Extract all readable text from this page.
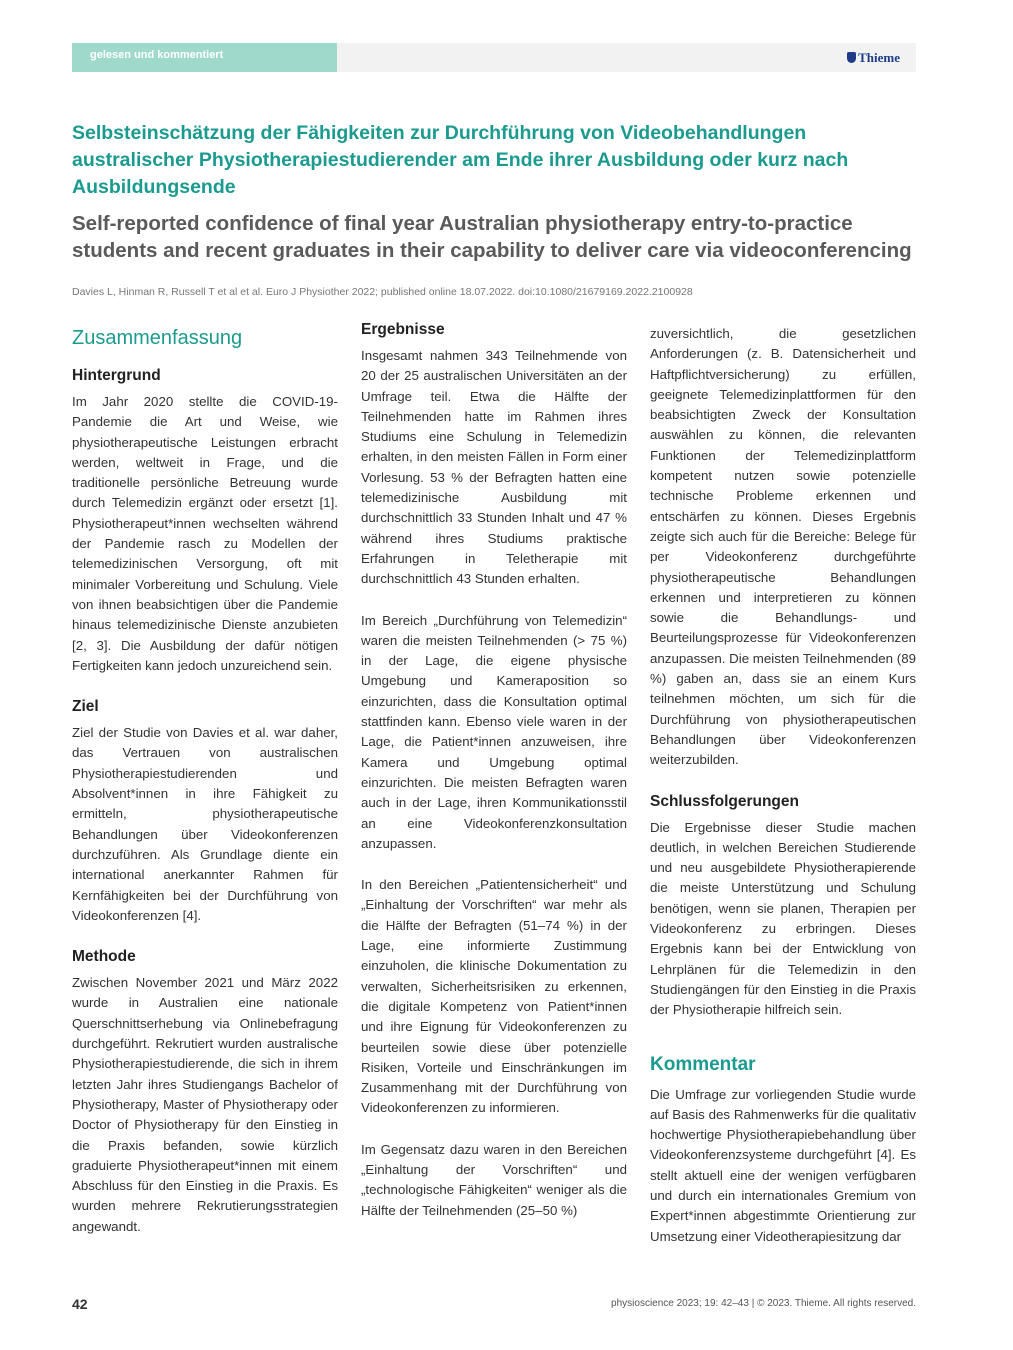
gelesen und kommentiert	Thieme
Selbsteinschätzung der Fähigkeiten zur Durchführung von Videobehandlungen australischer Physiotherapiestudierender am Ende ihrer Ausbildung oder kurz nach Ausbildungsende
Self-reported confidence of final year Australian physiotherapy entry-to-practice students and recent graduates in their capability to deliver care via videoconferencing
Davies L, Hinman R, Russell T et al et al. Euro J Physiother 2022; published online 18.07.2022. doi:10.1080/21679169.2022.2100928
Zusammenfassung
Hintergrund

Im Jahr 2020 stellte die COVID-19-Pandemie die Art und Weise, wie physiotherapeutische Leistungen erbracht werden, weltweit in Frage, und die traditionelle persönliche Betreuung wurde durch Telemedizin ergänzt oder ersetzt [1]. Physiotherapeut*innen wechselten während der Pandemie rasch zu Modellen der telemedizinischen Versorgung, oft mit minimaler Vorbereitung und Schulung. Viele von ihnen beabsichtigen über die Pandemie hinaus telemedizinische Dienste anzubieten [2, 3]. Die Ausbildung der dafür nötigen Fertigkeiten kann jedoch unzureichend sein.

Ziel

Ziel der Studie von Davies et al. war daher, das Vertrauen von australischen Physiotherapiestudierenden und Absolvent*innen in ihre Fähigkeit zu ermitteln, physiotherapeutische Behandlungen über Videokonferenzen durchzuführen. Als Grundlage diente ein international anerkannter Rahmen für Kernfähigkeiten bei der Durchführung von Videokonferenzen [4].

Methode

Zwischen November 2021 und März 2022 wurde in Australien eine nationale Querschnittserhebung via Onlinebefragung durchgeführt. Rekrutiert wurden australische Physiotherapiestudierende, die sich in ihrem letzten Jahr ihres Studiengangs Bachelor of Physiotherapy, Master of Physiotherapy oder Doctor of Physiotherapy für den Einstieg in die Praxis befanden, sowie kürzlich graduierte Physiotherapeut*innen mit einem Abschluss für den Einstieg in die Praxis. Es wurden mehrere Rekrutierungsstrategien angewandt.

Ergebnisse

Insgesamt nahmen 343 Teilnehmende von 20 der 25 australischen Universitäten an der Umfrage teil. Etwa die Hälfte der Teilnehmenden hatte im Rahmen ihres Studiums eine Schulung in Telemedizin erhalten, in den meisten Fällen in Form einer Vorlesung. 53 % der Befragten hatten eine telemedizinische Ausbildung mit durchschnittlich 33 Stunden Inhalt und 47 % während ihres Studiums praktische Erfahrungen in Teletherapie mit durchschnittlich 43 Stunden erhalten.

Im Bereich „Durchführung von Telemedizin“ waren die meisten Teilnehmenden (> 75 %) in der Lage, die eigene physische Umgebung und Kameraposition so einzurichten, dass die Konsultation optimal stattfinden kann. Ebenso viele waren in der Lage, die Patient*innen anzuweisen, ihre Kamera und Umgebung optimal einzurichten. Die meisten Befragten waren auch in der Lage, ihren Kommunikationsstil an eine Videokonferenzkonsultation anzupassen.

In den Bereichen „Patientensicherheit“ und „Einhaltung der Vorschriften“ war mehr als die Hälfte der Befragten (51–74 %) in der Lage, eine informierte Zustimmung einzuholen, die klinische Dokumentation zu verwalten, Sicherheitsrisiken zu erkennen, die digitale Kompetenz von Patient*innen und ihre Eignung für Videokonferenzen zu beurteilen sowie diese über potenzielle Risiken, Vorteile und Einschränkungen im Zusammenhang mit der Durchführung von Videokonferenzen zu informieren.

Im Gegensatz dazu waren in den Bereichen „Einhaltung der Vorschriften“ und „technologische Fähigkeiten“ weniger als die Hälfte der Teilnehmenden (25–50 %)

zuversichtlich, die gesetzlichen Anforderungen (z. B. Datensicherheit und Haftpflichtversicherung) zu erfüllen, geeignete Telemedizinplattformen für den beabsichtigten Zweck der Konsultation auswählen zu können, die relevanten Funktionen der Telemedizinplattform kompetent nutzen sowie potenzielle technische Probleme erkennen und entschärfen zu können. Dieses Ergebnis zeigte sich auch für die Bereiche: Belege für per Videokonferenz durchgeführte physiotherapeutische Behandlungen erkennen und interpretieren zu können sowie die Behandlungs- und Beurteilungsprozesse für Videokonferenzen anzupassen. Die meisten Teilnehmenden (89 %) gaben an, dass sie an einem Kurs teilnehmen möchten, um sich für die Durchführung von physiotherapeutischen Behandlungen über Videokonferenzen weiterzubilden.

Schlussfolgerungen

Die Ergebnisse dieser Studie machen deutlich, in welchen Bereichen Studierende und neu ausgebildete Physiotherapierende die meiste Unterstützung und Schulung benötigen, wenn sie planen, Therapien per Videokonferenz zu erbringen. Dieses Ergebnis kann bei der Entwicklung von Lehrplänen für die Telemedizin in den Studiengängen für den Einstieg in die Praxis der Physiotherapie hilfreich sein.

Kommentar

Die Umfrage zur vorliegenden Studie wurde auf Basis des Rahmenwerks für die qualitativ hochwertige Physiotherapiebehandlung über Videokonferenzsysteme durchgeführt [4]. Es stellt aktuell eine der wenigen verfügbaren und durch ein internationales Gremium von Expert*innen abgestimmte Orientierung zur Umsetzung einer Videotherapiesitzung dar

42	physioscience 2023; 19: 42–43 | © 2023. Thieme. All rights reserved.
